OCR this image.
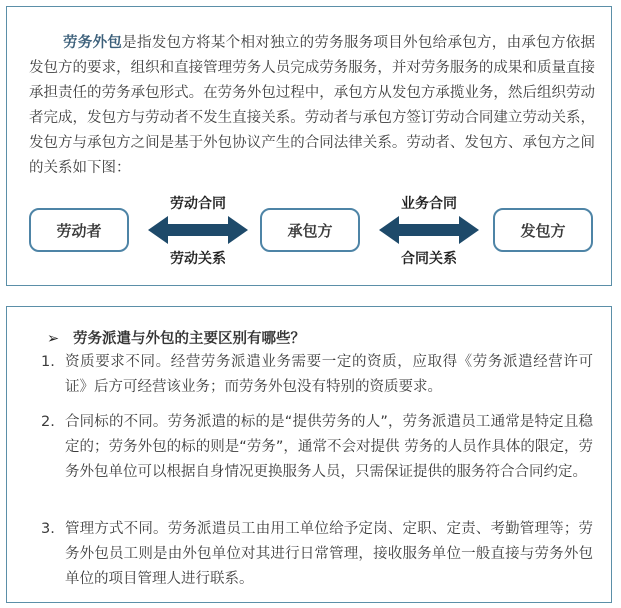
劳务外包是指发包方将某个相对独立的劳务服务项目外包给承包方，由承包方依据发包方的要求，组织和直接管理劳务人员完成劳务服务，并对劳务服务的成果和质量直接承担责任的劳务承包形式。在劳务外包过程中，承包方从发包方承揽业务，然后组织劳动者完成，发包方与劳动者不发生直接关系。劳动者与承包方签订劳动合同建立劳动关系，发包方与承包方之间是基于外包协议产生的合同法律关系。劳动者、发包方、承包方之间的关系如下图：

劳动者
劳动合同
劳动关系
承包方
业务合同
合同关系
发包方

➢ 劳务派遣与外包的主要区别有哪些？

1. 资质要求不同。经营劳务派遣业务需要一定的资质，应取得《劳务派遣经营许可证》后方可经营该业务；而劳务外包没有特别的资质要求。
2. 合同标的不同。劳务派遣的标的是“提供劳务的人”，劳务派遣员工通常是特定且稳定的；劳务外包的标的则是“劳务”，通常不会对提供 劳务的人员作具体的限定，劳务外包单位可以根据自身情况更换服务人员，只需保证提供的服务符合合同约定。
3. 管理方式不同。劳务派遣员工由用工单位给予定岗、定职、定责、考勤管理等；劳务外包员工则是由外包单位对其进行日常管理，接收服务单位一般直接与劳务外包单位的项目管理人进行联系。
